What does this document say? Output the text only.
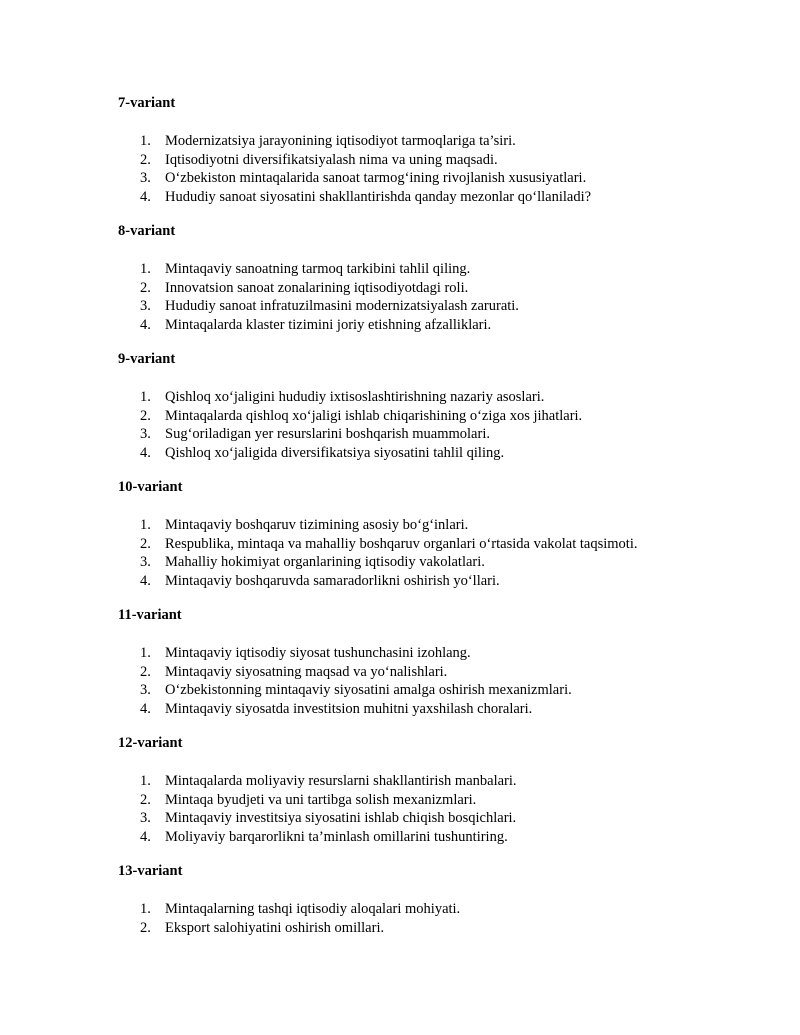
7-variant
1. Modernizatsiya jarayonining iqtisodiyot tarmoqlariga ta’siri.
2. Iqtisodiyotni diversifikatsiyalash nima va uning maqsadi.
3. O‘zbekiston mintaqalarida sanoat tarmog‘ining rivojlanish xususiyatlari.
4. Hududiy sanoat siyosatini shakllantirishda qanday mezonlar qo‘llaniladi?
8-variant
1. Mintaqaviy sanoatning tarmoq tarkibini tahlil qiling.
2. Innovatsion sanoat zonalarining iqtisodiyotdagi roli.
3. Hududiy sanoat infratuzilmasini modernizatsiyalash zarurati.
4. Mintaqalarda klaster tizimini joriy etishning afzalliklari.
9-variant
1. Qishloq xo‘jaligini hududiy ixtisoslashtirishning nazariy asoslari.
2. Mintaqalarda qishloq xo‘jaligi ishlab chiqarishining o‘ziga xos jihatlari.
3. Sug‘oriladigan yer resurslarini boshqarish muammolari.
4. Qishloq xo‘jaligida diversifikatsiya siyosatini tahlil qiling.
10-variant
1. Mintaqaviy boshqaruv tizimining asosiy bo‘g‘inlari.
2. Respublika, mintaqa va mahalliy boshqaruv organlari o‘rtasida vakolat taqsimoti.
3. Mahalliy hokimiyat organlarining iqtisodiy vakolatlari.
4. Mintaqaviy boshqaruvda samaradorlikni oshirish yo‘llari.
11-variant
1. Mintaqaviy iqtisodiy siyosat tushunchasini izohlang.
2. Mintaqaviy siyosatning maqsad va yo‘nalishlari.
3. O‘zbekistonning mintaqaviy siyosatini amalga oshirish mexanizmlari.
4. Mintaqaviy siyosatda investitsion muhitni yaxshilash choralari.
12-variant
1. Mintaqalarda moliyaviy resurslarni shakllantirish manbalari.
2. Mintaqa byudjeti va uni tartibga solish mexanizmlari.
3. Mintaqaviy investitsiya siyosatini ishlab chiqish bosqichlari.
4. Moliyaviy barqarorlikni ta’minlash omillarini tushuntiring.
13-variant
1. Mintaqalarning tashqi iqtisodiy aloqalari mohiyati.
2. Eksport salohiyatini oshirish omillari.
